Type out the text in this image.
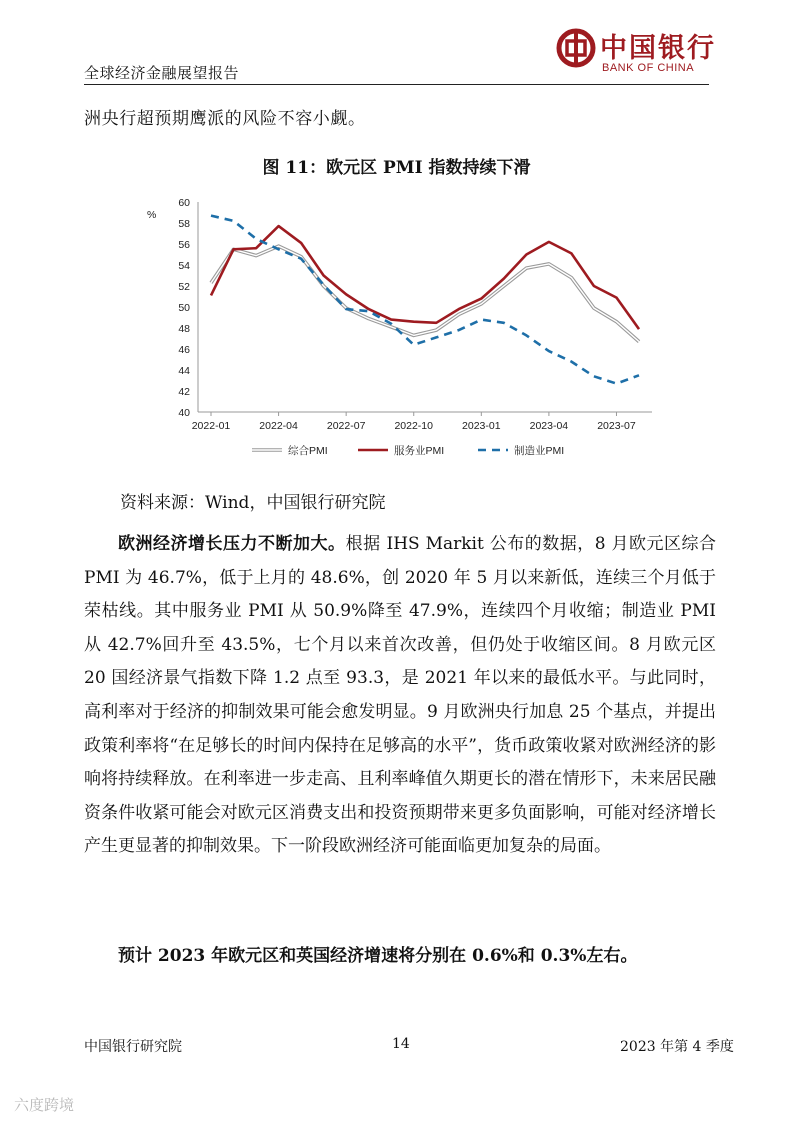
全球经济金融展望报告
中国银行
BANK OF CHINA
洲央行超预期鹰派的风险不容小觑。
图 11：欧元区 PMI 指数持续下滑
40
42
44
46
48
50
52
54
56
58
60
%
2022-01	2022-04	2022-07	2022-10	2023-01	2023-04	2023-07
综合PMI	服务业PMI	制造业PMI
资料来源：Wind，中国银行研究院
欧洲经济增长压力不断加大。根据 IHS Markit 公布的数据，8 月欧元区综合 PMI 为 46.7%，低于上月的 48.6%，创 2020 年 5 月以来新低，连续三个月低于荣枯线。其中服务业 PMI 从 50.9%降至 47.9%，连续四个月收缩；制造业 PMI 从 42.7%回升至 43.5%，七个月以来首次改善，但仍处于收缩区间。8 月欧元区 20 国经济景气指数下降 1.2 点至 93.3，是 2021 年以来的最低水平。与此同时，高利率对于经济的抑制效果可能会愈发明显。9 月欧洲央行加息 25 个基点，并提出政策利率将“在足够长的时间内保持在足够高的水平”，货币政策收紧对欧洲经济的影响将持续释放。在利率进一步走高、且利率峰值久期更长的潜在情形下，未来居民融资条件收紧可能会对欧元区消费支出和投资预期带来更多负面影响，可能对经济增长产生更显著的抑制效果。下一阶段欧洲经济可能面临更加复杂的局面。
预计 2023 年欧元区和英国经济增速将分别在 0.6%和 0.3%左右。
中国银行研究院	14	2023 年第 4 季度
六度跨境
